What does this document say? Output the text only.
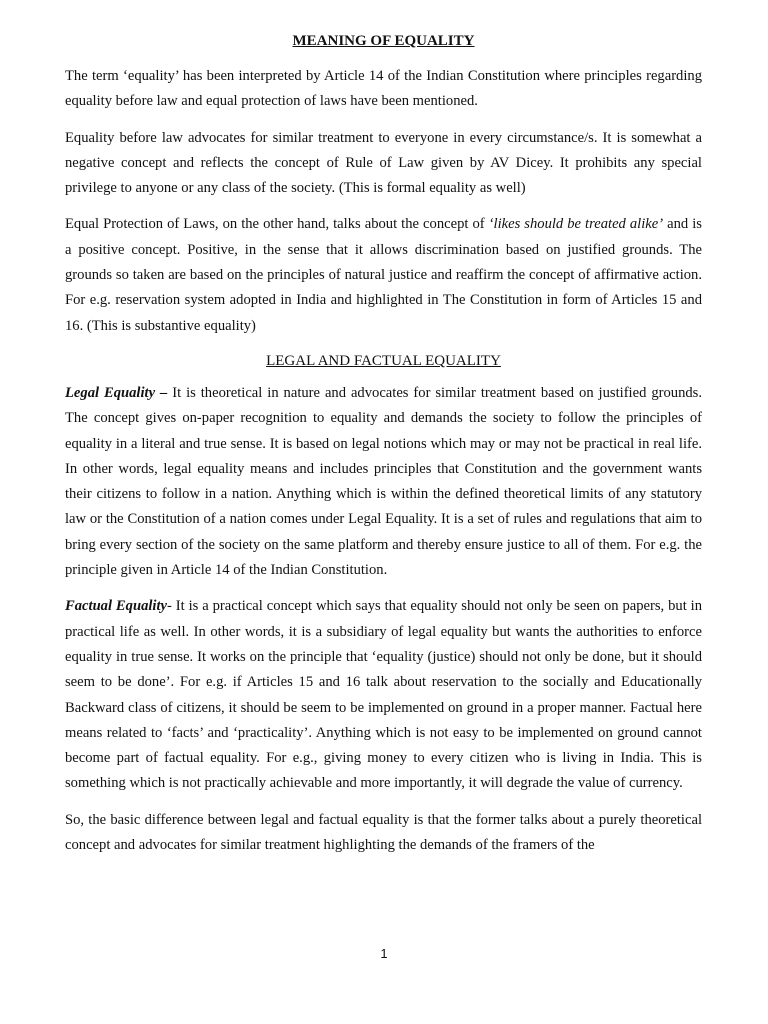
MEANING OF EQUALITY

The term ‘equality’ has been interpreted by Article 14 of the Indian Constitution where principles regarding equality before law and equal protection of laws have been mentioned.

Equality before law advocates for similar treatment to everyone in every circumstance/s. It is somewhat a negative concept and reflects the concept of Rule of Law given by AV Dicey. It prohibits any special privilege to anyone or any class of the society. (This is formal equality as well)

Equal Protection of Laws, on the other hand, talks about the concept of ‘likes should be treated alike’ and is a positive concept. Positive, in the sense that it allows discrimination based on justified grounds. The grounds so taken are based on the principles of natural justice and reaffirm the concept of affirmative action. For e.g. reservation system adopted in India and highlighted in The Constitution in form of Articles 15 and 16. (This is substantive equality)

LEGAL AND FACTUAL EQUALITY

Legal Equality – It is theoretical in nature and advocates for similar treatment based on justified grounds. The concept gives on-paper recognition to equality and demands the society to follow the principles of equality in a literal and true sense. It is based on legal notions which may or may not be practical in real life. In other words, legal equality means and includes principles that Constitution and the government wants their citizens to follow in a nation. Anything which is within the defined theoretical limits of any statutory law or the Constitution of a nation comes under Legal Equality. It is a set of rules and regulations that aim to bring every section of the society on the same platform and thereby ensure justice to all of them. For e.g. the principle given in Article 14 of the Indian Constitution.

Factual Equality- It is a practical concept which says that equality should not only be seen on papers, but in practical life as well. In other words, it is a subsidiary of legal equality but wants the authorities to enforce equality in true sense. It works on the principle that ‘equality (justice) should not only be done, but it should seem to be done’. For e.g. if Articles 15 and 16 talk about reservation to the socially and Educationally Backward class of citizens, it should be seem to be implemented on ground in a proper manner. Factual here means related to ‘facts’ and ‘practicality’. Anything which is not easy to be implemented on ground cannot become part of factual equality. For e.g., giving money to every citizen who is living in India. This is something which is not practically achievable and more importantly, it will degrade the value of currency.

So, the basic difference between legal and factual equality is that the former talks about a purely theoretical concept and advocates for similar treatment highlighting the demands of the framers of the

1
